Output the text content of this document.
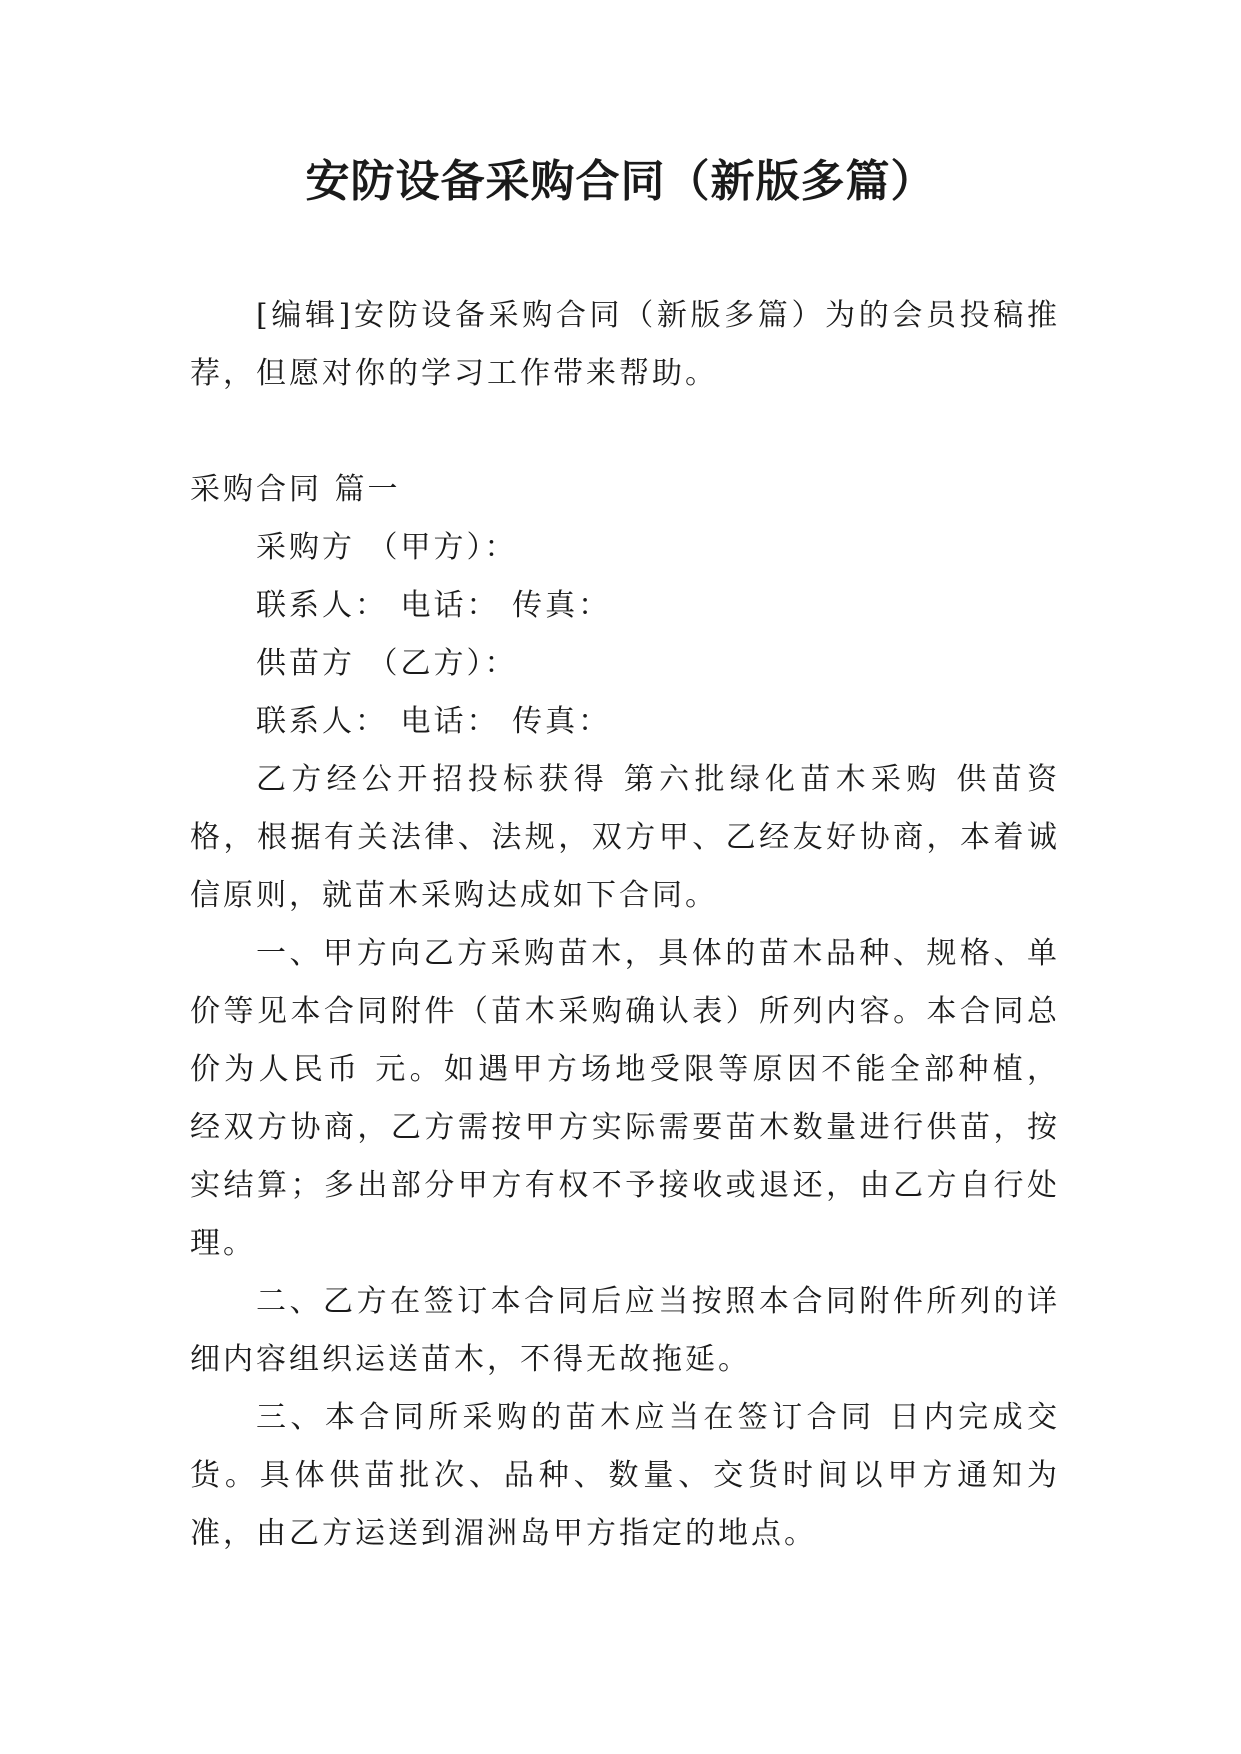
安防设备采购合同（新版多篇）

[编辑]安防设备采购合同（新版多篇）为的会员投稿推荐，但愿对你的学习工作带来帮助。

采购合同 篇一

采购方 （甲方）：

联系人： 电话： 传真：

供苗方 （乙方）：

联系人： 电话： 传真：

乙方经公开招投标获得 第六批绿化苗木采购 供苗资格，根据有关法律、法规，双方甲、乙经友好协商，本着诚信原则，就苗木采购达成如下合同。

一、甲方向乙方采购苗木，具体的苗木品种、规格、单价等见本合同附件（苗木采购确认表）所列内容。本合同总价为人民币 元。如遇甲方场地受限等原因不能全部种植，经双方协商，乙方需按甲方实际需要苗木数量进行供苗，按实结算；多出部分甲方有权不予接收或退还，由乙方自行处理。

二、乙方在签订本合同后应当按照本合同附件所列的详细内容组织运送苗木，不得无故拖延。

三、本合同所采购的苗木应当在签订合同 日内完成交货。具体供苗批次、品种、数量、交货时间以甲方通知为准，由乙方运送到湄洲岛甲方指定的地点。
